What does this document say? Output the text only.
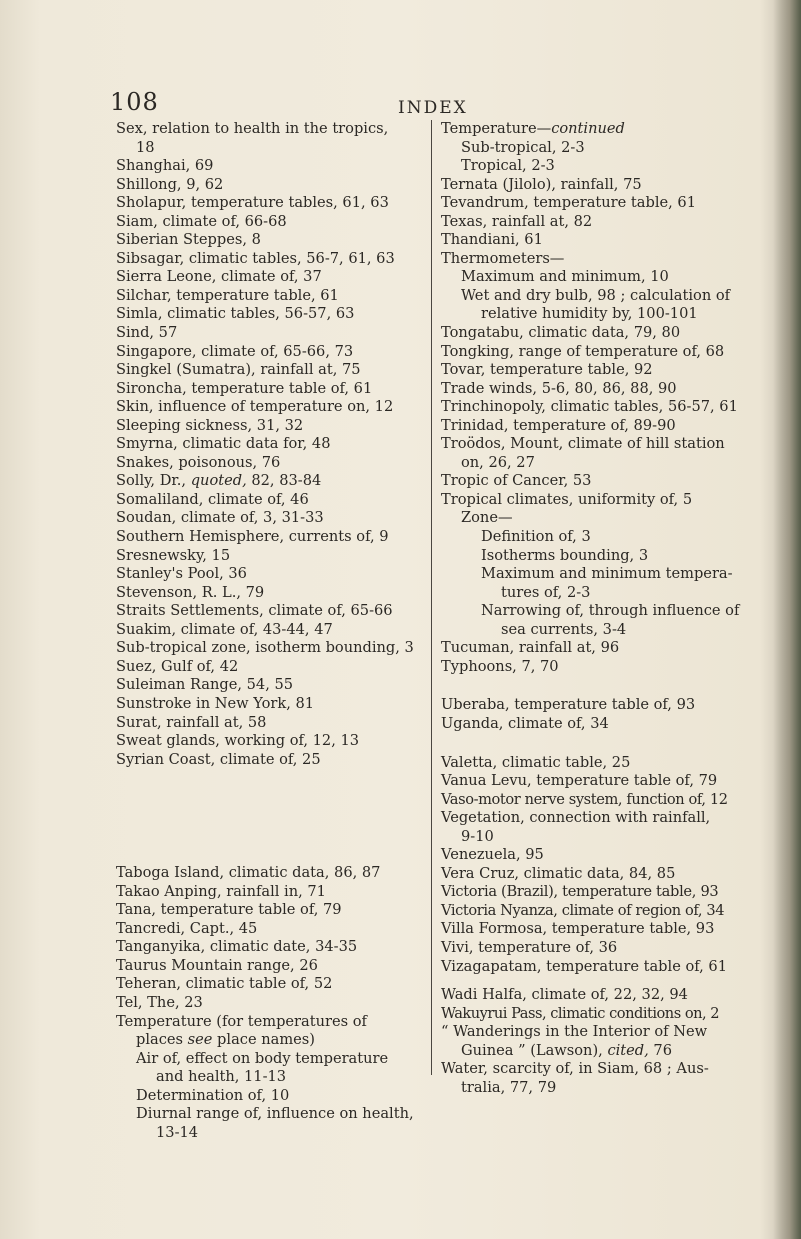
108	INDEX
Sex, relation to health in the tropics,
18
Shanghai, 69
Shillong, 9, 62
Sholapur, temperature tables, 61, 63
Siam, climate of, 66-68
Siberian Steppes, 8
Sibsagar, climatic tables, 56-7, 61, 63
Sierra Leone, climate of, 37
Silchar, temperature table, 61
Simla, climatic tables, 56-57, 63
Sind, 57
Singapore, climate of, 65-66, 73
Singkel (Sumatra), rainfall at, 75
Sironcha, temperature table of, 61
Skin, influence of temperature on, 12
Sleeping sickness, 31, 32
Smyrna, climatic data for, 48
Snakes, poisonous, 76
Solly, Dr., quoted, 82, 83-84
Somaliland, climate of, 46
Soudan, climate of, 3, 31-33
Southern Hemisphere, currents of, 9
Sresnewsky, 15
Stanley's Pool, 36
Stevenson, R. L., 79
Straits Settlements, climate of, 65-66
Suakim, climate of, 43-44, 47
Sub-tropical zone, isotherm bounding, 3
Suez, Gulf of, 42
Suleiman Range, 54, 55
Sunstroke in New York, 81
Surat, rainfall at, 58
Sweat glands, working of, 12, 13
Syrian Coast, climate of, 25
Taboga Island, climatic data, 86, 87
Takao Anping, rainfall in, 71
Tana, temperature table of, 79
Tancredi, Capt., 45
Tanganyika, climatic date, 34-35
Taurus Mountain range, 26
Teheran, climatic table of, 52
Tel, The, 23
Temperature (for temperatures of
places see place names)
Air of, effect on body temperature
and health, 11-13
Determination of, 10
Diurnal range of, influence on health,
13-14
Temperature—continued
Sub-tropical, 2-3
Tropical, 2-3
Ternata (Jilolo), rainfall, 75
Tevandrum, temperature table, 61
Texas, rainfall at, 82
Thandiani, 61
Thermometers—
Maximum and minimum, 10
Wet and dry bulb, 98 ; calculation of
relative humidity by, 100-101
Tongatabu, climatic data, 79, 80
Tongking, range of temperature of, 68
Tovar, temperature table, 92
Trade winds, 5-6, 80, 86, 88, 90
Trinchinopoly, climatic tables, 56-57, 61
Trinidad, temperature of, 89-90
Troödos, Mount, climate of hill station
on, 26, 27
Tropic of Cancer, 53
Tropical climates, uniformity of, 5
Zone—
Definition of, 3
Isotherms bounding, 3
Maximum and minimum tempera-
tures of, 2-3
Narrowing of, through influence of
sea currents, 3-4
Tucuman, rainfall at, 96
Typhoons, 7, 70
Uberaba, temperature table of, 93
Uganda, climate of, 34
Valetta, climatic table, 25
Vanua Levu, temperature table of, 79
Vaso-motor nerve system, function of, 12
Vegetation, connection with rainfall,
9-10
Venezuela, 95
Vera Cruz, climatic data, 84, 85
Victoria (Brazil), temperature table, 93
Victoria Nyanza, climate of region of, 34
Villa Formosa, temperature table, 93
Vivi, temperature of, 36
Vizagapatam, temperature table of, 61
Wadi Halfa, climate of, 22, 32, 94
Wakuyrui Pass, climatic conditions on, 2
“ Wanderings in the Interior of New
Guinea ” (Lawson), cited, 76
Water, scarcity of, in Siam, 68 ; Aus-
tralia, 77, 79
